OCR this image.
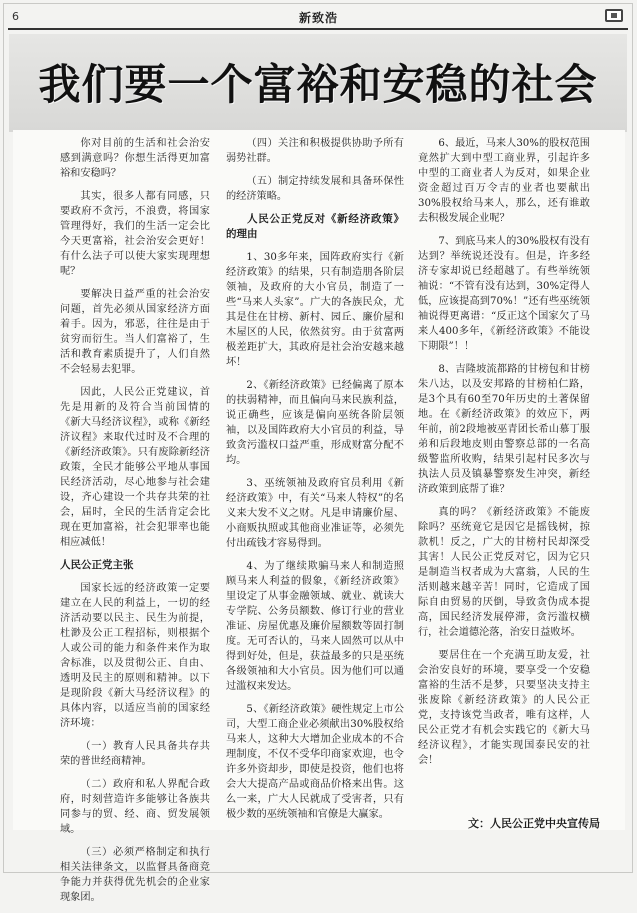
6	新致浩
我们要一个富裕和安稳的社会

你对目前的生活和社会治安感到满意吗？你想生活得更加富裕和安稳吗？

其实，很多人都有同感，只要政府不贪污，不浪费，将国家管理得好，我们的生活一定会比今天更富裕，社会治安会更好！有什么法子可以使大家实现理想呢？

要解决日益严重的社会治安问题，首先必须从国家经济方面着手。因为，邪恶，往往是由于贫穷而衍生。当人们富裕了，生活和教育素质提升了，人们自然不会轻易去犯罪。

因此，人民公正党建议，首先是用新的及符合当前国情的《新大马经济议程》，或称《新经济议程》来取代过时及不合理的《新经济政策》。只有废除新经济政策，全民才能够公平地从事国民经济活动，尽心地参与社会建设，齐心建设一个共存共荣的社会，届时，全民的生活肯定会比现在更加富裕，社会犯罪率也能相应减低！

人民公正党主张

国家长远的经济政策一定要建立在人民的利益上，一切的经济活动要以民主、民生为前提，杜渺及公正工程招标，则根据个人或公司的能力和条件来作为取舍标准，以及贯彻公正、自由、透明及民主的原则和精神。以下是现阶段《新大马经济议程》的具体内容，以适应当前的国家经济环境：

（一）教育人民具备共存共荣的普世经商精神。

（二）政府和私人界配合政府，时刻营造许多能够让各族共同参与的贸、经、商、贸发展领域。

（三）必须严格制定和执行相关法律条文，以监督具备商竞争能力并获得优先机会的企业家现象团。

（四）关注和积极提供协助予所有弱势社群。

（五）制定持续发展和具备环保性的经济策略。

人民公正党反对《新经济政策》的理由

1、30多年来，国阵政府实行《新经济政策》的结果，只有制造朋各阶层领袖，及政府的大小官员，制造了一些“马来人头家”。广大的各族民众，尤其是住在甘榜、新村、园丘、廉价屋和木屋区的人民，依然贫穷。由于贫富两极差距扩大，其政府是社会治安越来越坏！

2、《新经济政策》已经偏离了原本的扶弱精神，而且偏向马来民族利益，说正确些，应该是偏向巫统各阶层领袖，以及国阵政府大小官员的利益，导致贪污滥权口益严重，形成财富分配不均。

3、巫统领袖及政府官员利用《新经济政策》中，有关“马来人特权”的名义来大发不义之财。凡是申请廉价屋、小商贩执照或其他商业准证等，必须先付出疏钱才容易得到。

4、为了继续欺骗马来人和制造照顾马来人利益的假象，《新经济政策》里设定了从事金融领域、就业、就读大专学院、公务员额数、修订行业的营业准证、房屋优惠及廉价屋额数等固打制度。无可否认的，马来人固然可以从中得到好处，但是，获益最多的只是巫统各级领袖和大小官员。因为他们可以通过滥权来发达。

5、《新经济政策》硬性规定上市公司，大型工商企业必须献出30%股权给马来人，这种大大增加企业成本的不合理制度，不仅不受华印商家欢迎，也令许多外资却步，即使是投资，他们也将会大大提高产品或商品价格来出售。这么一来，广大人民就成了受害者，只有极少数的巫统领袖和官僚是大赢家。

6、最近，马来人30%的股权范围竟然扩大到中型工商业界，引起许多中型的工商业者人为反对，如果企业资金超过百万令吉的业者也要献出30%股权给马来人，那么，还有谁敢去积极发展企业呢？

7、到底马来人的30%股权有没有达到？举统说还没有。但是，许多经济专家却说已经超越了。有些举统领袖说：“不管有没有达到，30%定得人低，应该提高到70%！”还有些巫统领袖说得更离谱：“反正这个国家欠了马来人400多年，《新经济政策》不能设下期限”！！

8、吉隆坡流都路的甘榜包和甘榜朱八达，以及安邦路的甘榜柏仁路，是3个具有60至70年历史的土著保留地。在《新经济政策》的效应下，两年前，前2段地被巫青团长希山慕丁服弟和后段地皮则由警察总部的一名高级警监所收购，结果引起村民多次与执法人员及镇暴警察发生冲突，新经济政策到底帮了谁？

真的吗？《新经济政策》不能废除吗？巫统竟它是因它是摇钱树，掠款机！反之，广大的甘榜村民却深受其害！人民公正党反对它，因为它只是制造当权者成为大富翁，人民的生活则越来越辛苦！同时，它造成了国际自由贸易的厌倒，导致贪伪成本提高，国民经济发展停滞，贪污滥权横行，社会道德沦落，治安日益败坏。

要居住在一个充满互助友爱，社会治安良好的环境，要享受一个安稳富裕的生活不是梦，只要坚决支持主张废除《新经济政策》的人民公正党，支持该党当政者，唯有这样，人民公正党才有机会实践它的《新大马经济议程》，才能实现国泰民安的社会！

文：人民公正党中央宣传局
